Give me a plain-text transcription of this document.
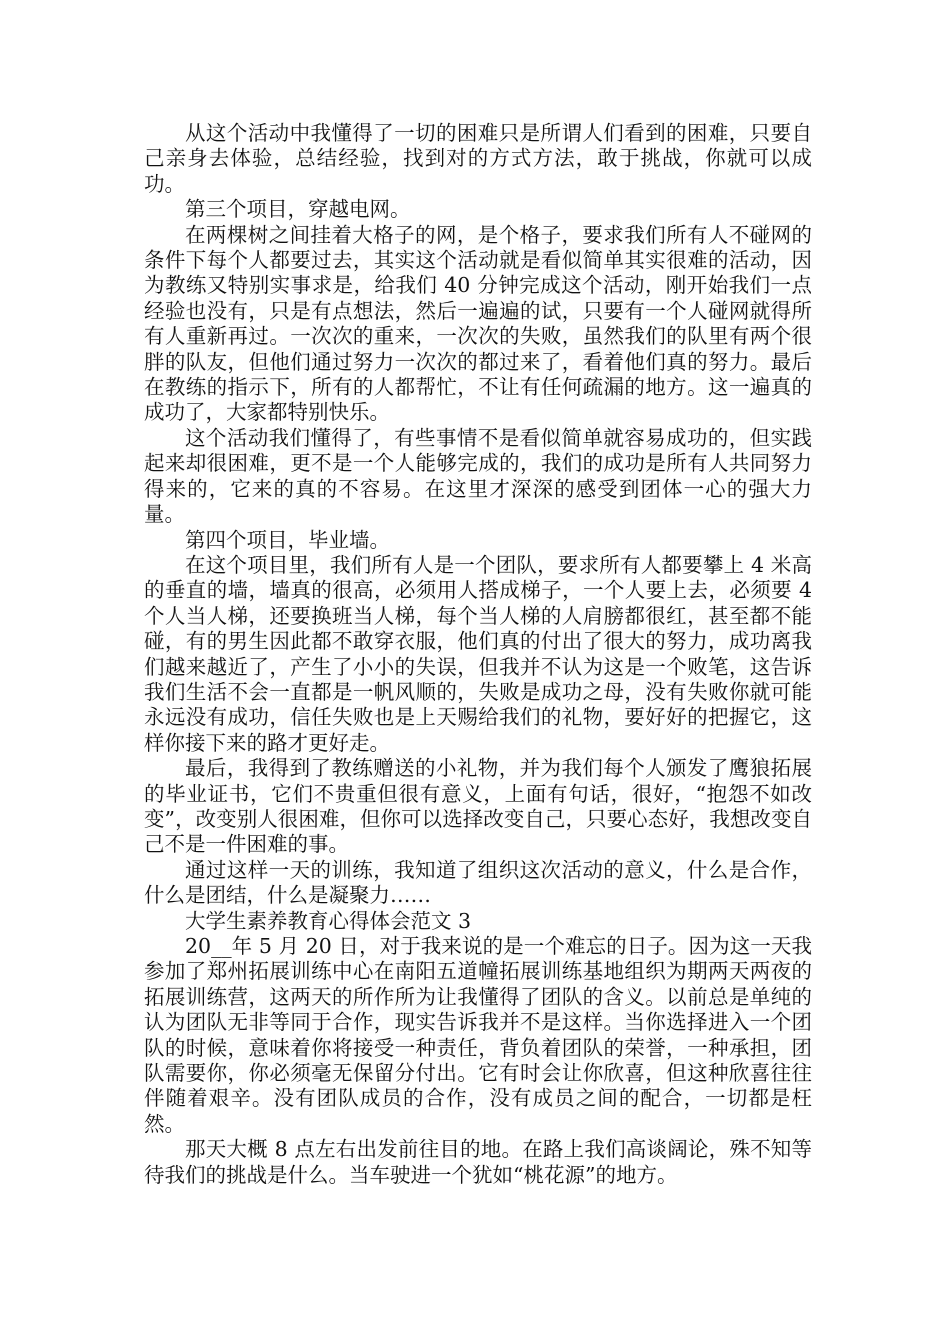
从这个活动中我懂得了一切的困难只是所谓人们看到的困难，只要自己亲身去体验，总结经验，找到对的方式方法，敢于挑战，你就可以成功。

第三个项目，穿越电网。

在两棵树之间挂着大格子的网，是个格子，要求我们所有人不碰网的条件下每个人都要过去，其实这个活动就是看似简单其实很难的活动，因为教练又特别实事求是，给我们 40 分钟完成这个活动，刚开始我们一点经验也没有，只是有点想法，然后一遍遍的试，只要有一个人碰网就得所有人重新再过。一次次的重来，一次次的失败，虽然我们的队里有两个很胖的队友，但他们通过努力一次次的都过来了，看着他们真的努力。最后在教练的指示下，所有的人都帮忙，不让有任何疏漏的地方。这一遍真的成功了，大家都特别快乐。

这个活动我们懂得了，有些事情不是看似简单就容易成功的，但实践起来却很困难，更不是一个人能够完成的，我们的成功是所有人共同努力得来的，它来的真的不容易。在这里才深深的感受到团体一心的强大力量。

第四个项目，毕业墙。

在这个项目里，我们所有人是一个团队，要求所有人都要攀上 4 米高的垂直的墙，墙真的很高，必须用人搭成梯子，一个人要上去，必须要 4 个人当人梯，还要换班当人梯，每个当人梯的人肩膀都很红，甚至都不能碰，有的男生因此都不敢穿衣服，他们真的付出了很大的努力，成功离我们越来越近了，产生了小小的失误，但我并不认为这是一个败笔，这告诉我们生活不会一直都是一帆风顺的，失败是成功之母，没有失败你就可能永远没有成功，信任失败也是上天赐给我们的礼物，要好好的把握它，这样你接下来的路才更好走。

最后，我得到了教练赠送的小礼物，并为我们每个人颁发了鹰狼拓展的毕业证书，它们不贵重但很有意义，上面有句话，很好，“抱怨不如改变”，改变别人很困难，但你可以选择改变自己，只要心态好，我想改变自己不是一件困难的事。

通过这样一天的训练，我知道了组织这次活动的意义，什么是合作，什么是团结，什么是凝聚力……

大学生素养教育心得体会范文 3

20__年 5 月 20 日，对于我来说的是一个难忘的日子。因为这一天我参加了郑州拓展训练中心在南阳五道幢拓展训练基地组织为期两天两夜的拓展训练营，这两天的所作所为让我懂得了团队的含义。以前总是单纯的认为团队无非等同于合作，现实告诉我并不是这样。当你选择进入一个团队的时候，意味着你将接受一种责任，背负着团队的荣誉，一种承担，团队需要你，你必须毫无保留分付出。它有时会让你欣喜，但这种欣喜往往伴随着艰辛。没有团队成员的合作，没有成员之间的配合，一切都是枉然。

那天大概 8 点左右出发前往目的地。在路上我们高谈阔论，殊不知等待我们的挑战是什么。当车驶进一个犹如“桃花源”的地方。
